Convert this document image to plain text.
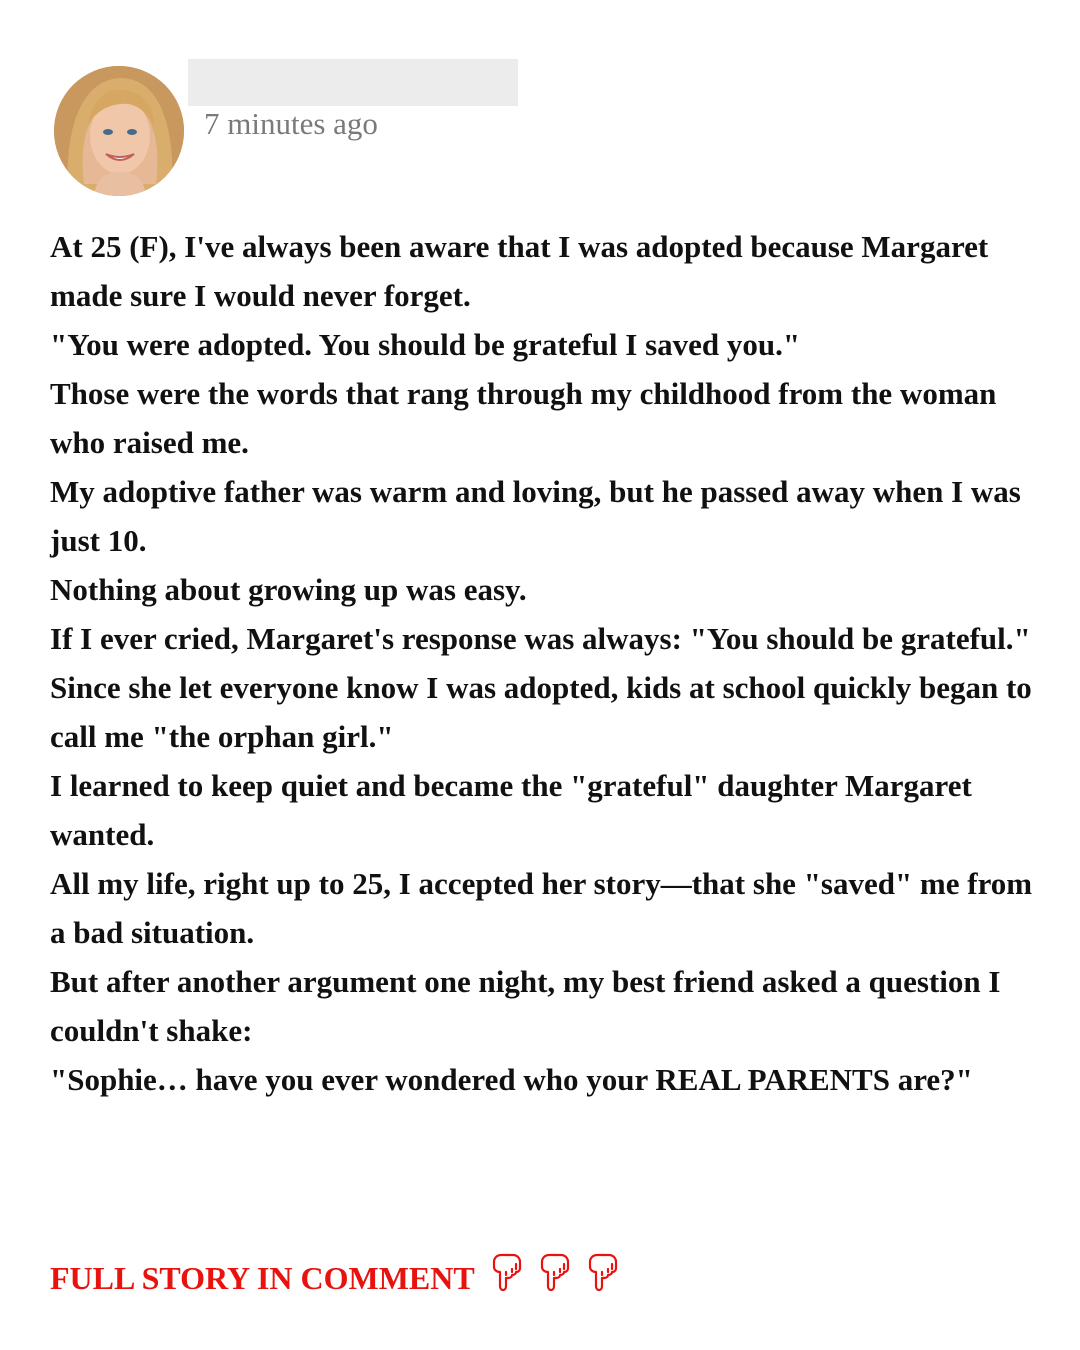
7 minutes ago

At 25 (F), I've always been aware that I was adopted because Margaret made sure I would never forget.

"You were adopted. You should be grateful I saved you."

Those were the words that rang through my childhood from the woman who raised me.

My adoptive father was warm and loving, but he passed away when I was just 10.

Nothing about growing up was easy.

If I ever cried, Margaret's response was always: "You should be grateful."

Since she let everyone know I was adopted, kids at school quickly began to call me "the orphan girl."

I learned to keep quiet and became the "grateful" daughter Margaret wanted.

All my life, right up to 25, I accepted her story—that she "saved" me from a bad situation.

But after another argument one night, my best friend asked a question I couldn't shake:

"Sophie… have you ever wondered who your REAL PARENTS are?"

FULL STORY IN COMMENT
